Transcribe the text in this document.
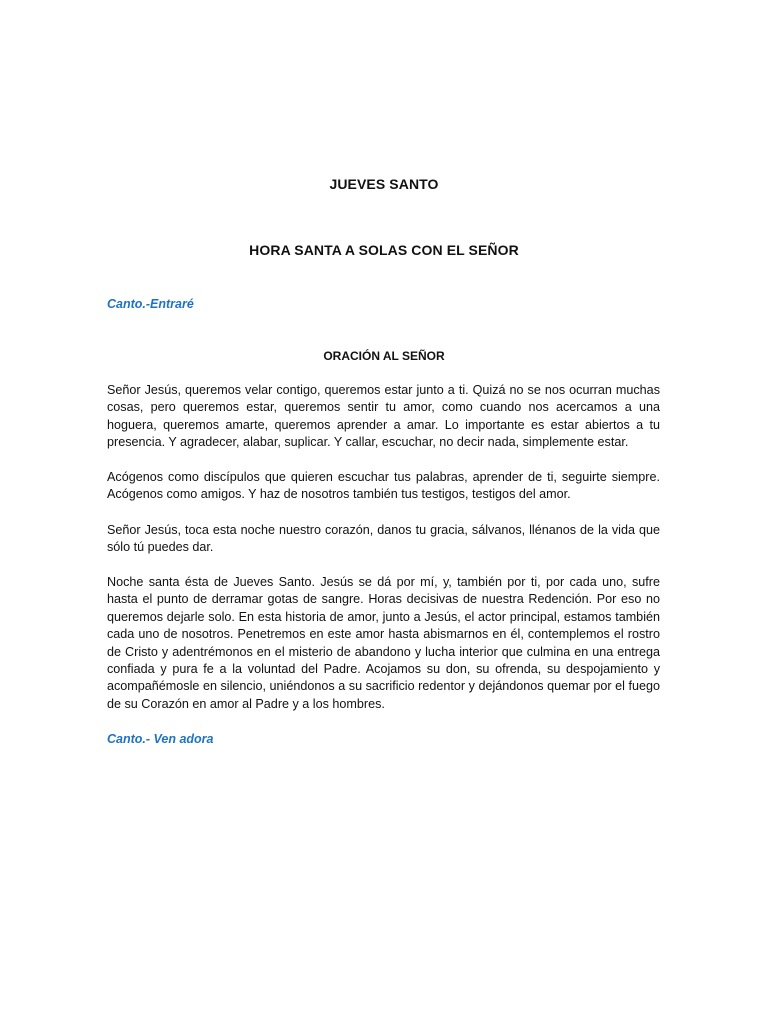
JUEVES SANTO
HORA SANTA A SOLAS CON EL SEÑOR
Canto.-Entraré
ORACIÓN AL SEÑOR

Señor Jesús, queremos velar contigo, queremos estar junto a ti. Quizá no se nos ocurran muchas cosas, pero queremos estar, queremos sentir tu amor, como cuando nos acercamos a una hoguera, queremos amarte, queremos aprender a amar. Lo importante es estar abiertos a tu presencia. Y agradecer, alabar, suplicar. Y callar, escuchar, no decir nada, simplemente estar.

Acógenos como discípulos que quieren escuchar tus palabras, aprender de ti, seguirte siempre. Acógenos como amigos. Y haz de nosotros también tus testigos, testigos del amor.

Señor Jesús, toca esta noche nuestro corazón, danos tu gracia, sálvanos, llénanos de la vida que sólo tú puedes dar.

Noche santa ésta de Jueves Santo. Jesús se dá por mí, y, también por ti, por cada uno, sufre hasta el punto de derramar gotas de sangre. Horas decisivas de nuestra Redención. Por eso no queremos dejarle solo. En esta historia de amor, junto a Jesús, el actor principal, estamos también cada uno de nosotros. Penetremos en este amor hasta abismarnos en él, contemplemos el rostro de Cristo y adentrémonos en el misterio de abandono y lucha interior que culmina en una entrega confiada y pura fe a la voluntad del Padre. Acojamos su don, su ofrenda, su despojamiento y acompañémosle en silencio, uniéndonos a su sacrificio redentor y dejándonos quemar por el fuego de su Corazón en amor al Padre y a los hombres.

Canto.- Ven adora
